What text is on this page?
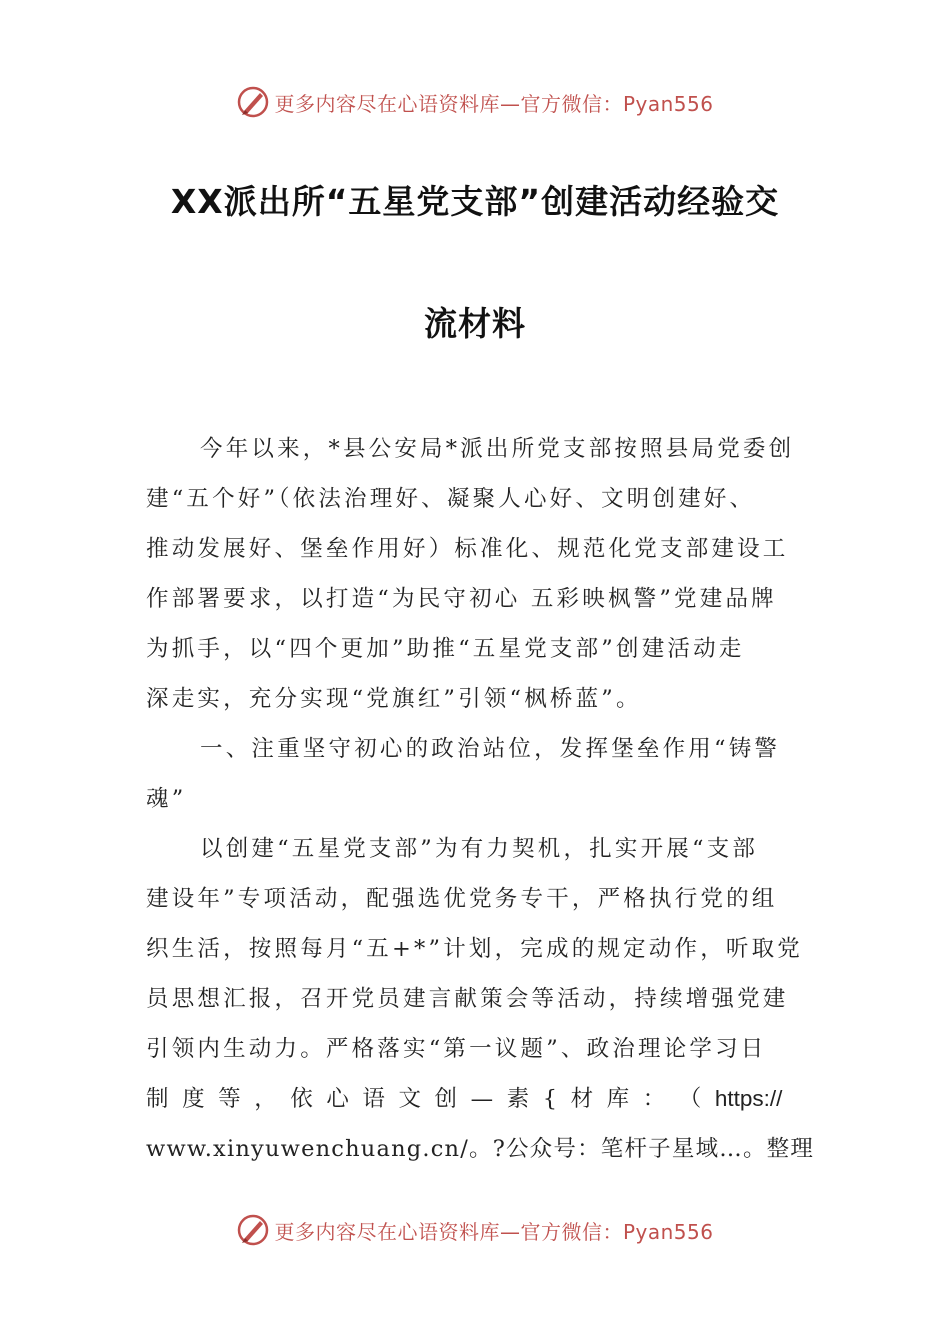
更多内容尽在心语资料库—官方微信：Pyan556
XX派出所“五星党支部”创建活动经验交
流材料
今年以来，*县公安局*派出所党支部按照县局党委创
建“五个好”（依法治理好、凝聚人心好、文明创建好、
推动发展好、堡垒作用好）标准化、规范化党支部建设工
作部署要求，以打造“为民守初心 五彩映枫警”党建品牌
为抓手，以“四个更加”助推“五星党支部”创建活动走
深走实，充分实现“党旗红”引领“枫桥蓝”。
一、注重坚守初心的政治站位，发挥堡垒作用“铸警
魂”
以创建“五星党支部”为有力契机，扎实开展“支部
建设年”专项活动，配强选优党务专干，严格执行党的组
织生活，按照每月“五+*”计划，完成的规定动作，听取党
员思想汇报，召开党员建言献策会等活动，持续增强党建
引领内生动力。严格落实“第一议题”、政治理论学习日
制 度 等 ， 依 心 语 文 创 — 素 { 材 库 ： （ https://
www.xinyuwenchuang.cn/。?公众号：笔杆子星域…。整理
更多内容尽在心语资料库—官方微信：Pyan556
